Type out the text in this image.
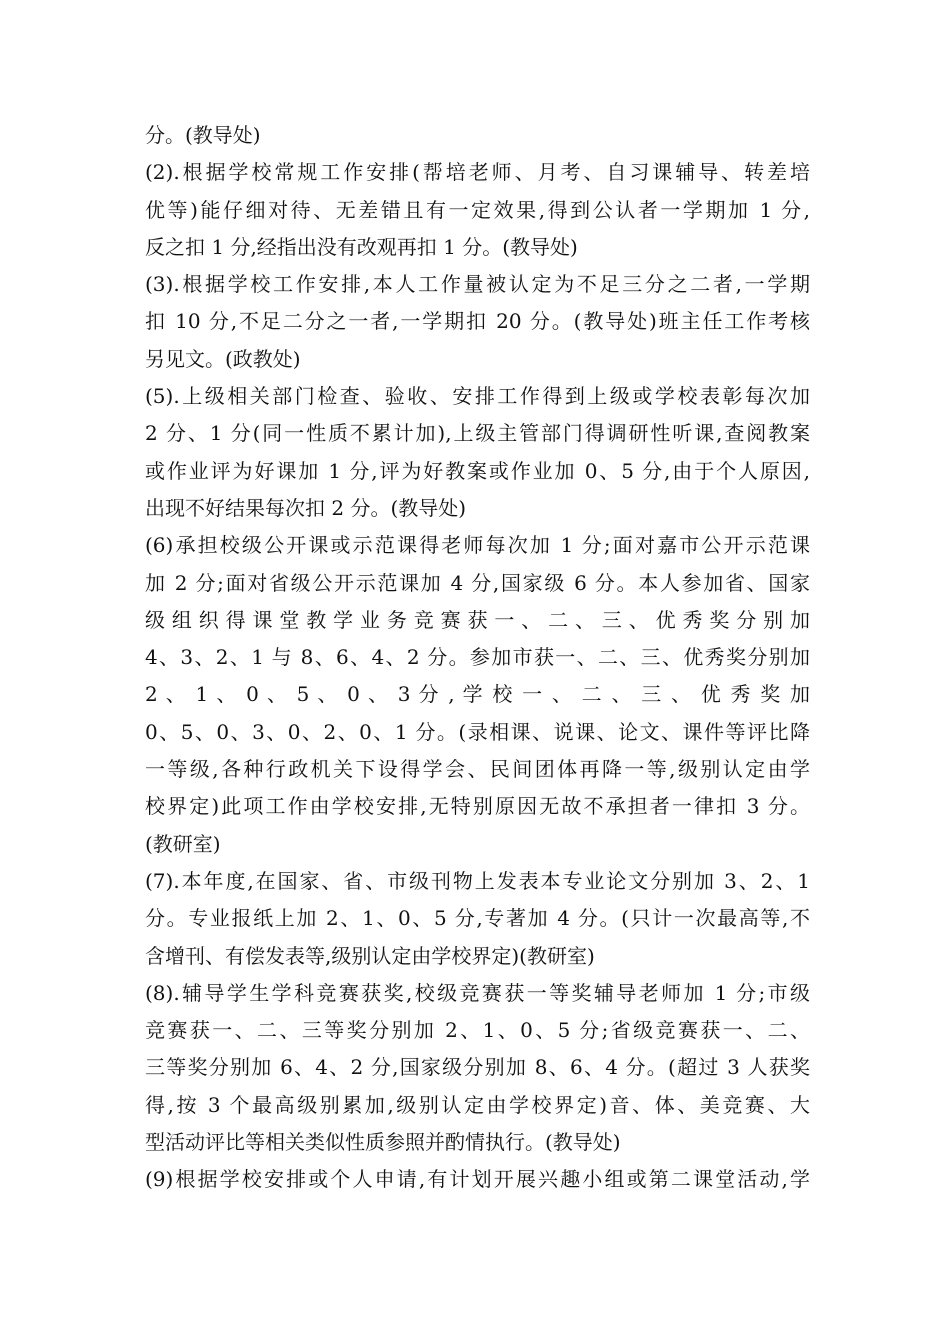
分。(教导处)
(2).根据学校常规工作安排(帮培老师、月考、自习课辅导、转差培
优等)能仔细对待、无差错且有一定效果,得到公认者一学期加 1 分,
反之扣 1 分,经指出没有改观再扣 1 分。(教导处)
(3).根据学校工作安排,本人工作量被认定为不足三分之二者,一学期
扣 10 分,不足二分之一者,一学期扣 20 分。(教导处)班主任工作考核
另见文。(政教处)
(5).上级相关部门检查、验收、安排工作得到上级或学校表彰每次加
2 分、1 分(同一性质不累计加),上级主管部门得调研性听课,查阅教案
或作业评为好课加 1 分,评为好教案或作业加 0、5 分,由于个人原因,
出现不好结果每次扣 2 分。(教导处)
(6)承担校级公开课或示范课得老师每次加 1 分;面对嘉市公开示范课
加 2 分;面对省级公开示范课加 4 分,国家级 6 分。本人参加省、国家
级 组 织 得 课 堂 教 学 业 务 竞 赛 获 一 、 二 、 三 、 优 秀 奖 分 别 加
4、3、2、1 与 8、6、4、2 分。参加市获一、二、三、优秀奖分别加
2 、 1 、 0 、 5 、 0 、 3 分 , 学 校 一 、 二 、 三 、 优 秀 奖 加
0、5、0、3、0、2、0、1 分。(录相课、说课、论文、课件等评比降
一等级,各种行政机关下设得学会、民间团体再降一等,级别认定由学
校界定)此项工作由学校安排,无特别原因无故不承担者一律扣 3 分。
(教研室)
(7).本年度,在国家、省、市级刊物上发表本专业论文分别加 3、2、1
分。专业报纸上加 2、1、0、5 分,专著加 4 分。(只计一次最高等,不
含增刊、有偿发表等,级别认定由学校界定)(教研室)
(8).辅导学生学科竞赛获奖,校级竞赛获一等奖辅导老师加 1 分;市级
竞赛获一、二、三等奖分别加 2、1、0、5 分;省级竞赛获一、二、
三等奖分别加 6、4、2 分,国家级分别加 8、6、4 分。(超过 3 人获奖
得,按 3 个最高级别累加,级别认定由学校界定)音、体、美竞赛、大
型活动评比等相关类似性质参照并酌情执行。(教导处)
(9)根据学校安排或个人申请,有计划开展兴趣小组或第二课堂活动,学
